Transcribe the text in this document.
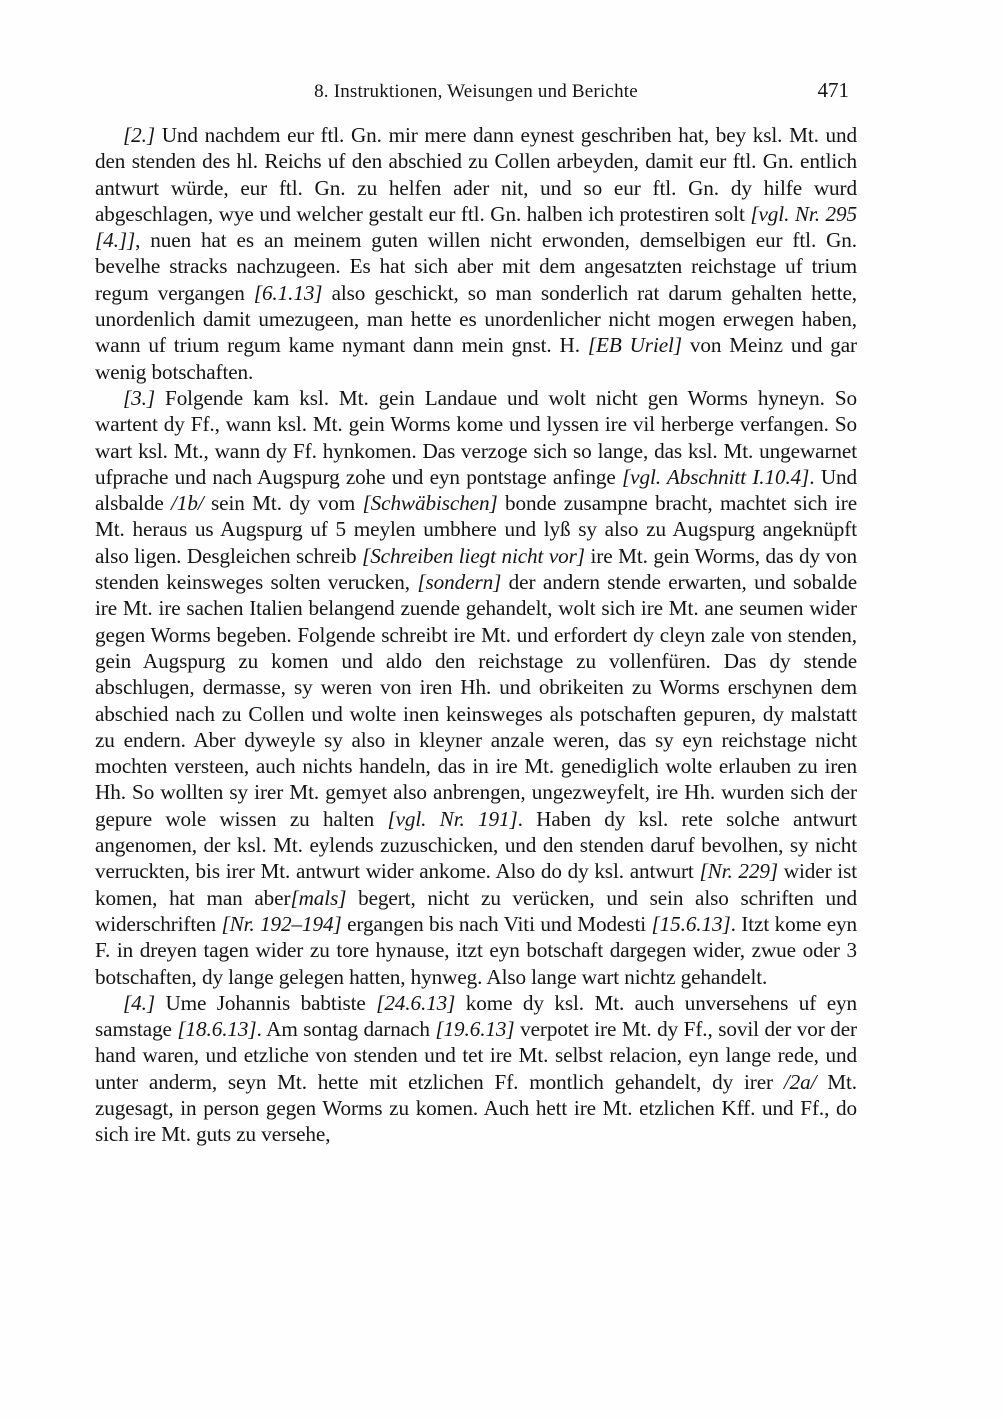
8. Instruktionen, Weisungen und Berichte	471

[2.] Und nachdem eur ftl. Gn. mir mere dann eynest geschriben hat, bey ksl. Mt. und den stenden des hl. Reichs uf den abschied zu Collen arbeyden, damit eur ftl. Gn. entlich antwurt würde, eur ftl. Gn. zu helfen ader nit, und so eur ftl. Gn. dy hilfe wurd abgeschlagen, wye und welcher gestalt eur ftl. Gn. halben ich protestiren solt [vgl. Nr. 295 [4.]], nuen hat es an meinem guten willen nicht erwonden, demselbigen eur ftl. Gn. bevelhe stracks nachzugeen. Es hat sich aber mit dem angesatzten reichstage uf trium regum vergangen [6.1.13] also geschickt, so man sonderlich rat darum gehalten hette, unordenlich damit umezugeen, man hette es unordenlicher nicht mogen erwegen haben, wann uf trium regum kame nymant dann mein gnst. H. [EB Uriel] von Meinz und gar wenig botschaften.

[3.] Folgende kam ksl. Mt. gein Landaue und wolt nicht gen Worms hyneyn. So wartent dy Ff., wann ksl. Mt. gein Worms kome und lyssen ire vil herberge verfangen. So wart ksl. Mt., wann dy Ff. hynkomen. Das verzoge sich so lange, das ksl. Mt. ungewarnet ufprache und nach Augspurg zohe und eyn pontstage anfinge [vgl. Abschnitt I.10.4]. Und alsbalde /1b/ sein Mt. dy vom [Schwäbischen] bonde zusampne bracht, machtet sich ire Mt. heraus us Augspurg uf 5 meylen umbhere und lyß sy also zu Augspurg angeknüpft also ligen. Desgleichen schreib [Schreiben liegt nicht vor] ire Mt. gein Worms, das dy von stenden keinsweges solten verucken, [sondern] der andern stende erwarten, und sobalde ire Mt. ire sachen Italien belangend zuende gehandelt, wolt sich ire Mt. ane seumen wider gegen Worms begeben. Folgende schreibt ire Mt. und erfordert dy cleyn zale von stenden, gein Augspurg zu komen und aldo den reichstage zu vollenfüren. Das dy stende abschlugen, dermasse, sy weren von iren Hh. und obrikeiten zu Worms erschynen dem abschied nach zu Collen und wolte inen keinsweges als potschaften gepuren, dy malstatt zu endern. Aber dyweyle sy also in kleyner anzale weren, das sy eyn reichstage nicht mochten versteen, auch nichts handeln, das in ire Mt. genediglich wolte erlauben zu iren Hh. So wollten sy irer Mt. gemyet also anbrengen, ungezweyfelt, ire Hh. wurden sich der gepure wole wissen zu halten [vgl. Nr. 191]. Haben dy ksl. rete solche antwurt angenomen, der ksl. Mt. eylends zuzuschicken, und den stenden daruf bevolhen, sy nicht verruckten, bis irer Mt. antwurt wider ankome. Also do dy ksl. antwurt [Nr. 229] wider ist komen, hat man aber[mals] begert, nicht zu verücken, und sein also schriften und widerschriften [Nr. 192–194] ergangen bis nach Viti und Modesti [15.6.13]. Itzt kome eyn F. in dreyen tagen wider zu tore hynause, itzt eyn botschaft dargegen wider, zwue oder 3 botschaften, dy lange gelegen hatten, hynweg. Also lange wart nichtz gehandelt.

[4.] Ume Johannis babtiste [24.6.13] kome dy ksl. Mt. auch unversehens uf eyn samstage [18.6.13]. Am sontag darnach [19.6.13] verpotet ire Mt. dy Ff., sovil der vor der hand waren, und etzliche von stenden und tet ire Mt. selbst relacion, eyn lange rede, und unter anderm, seyn Mt. hette mit etzlichen Ff. montlich gehandelt, dy irer /2a/ Mt. zugesagt, in person gegen Worms zu komen. Auch hett ire Mt. etzlichen Kff. und Ff., do sich ire Mt. guts zu versehe,
